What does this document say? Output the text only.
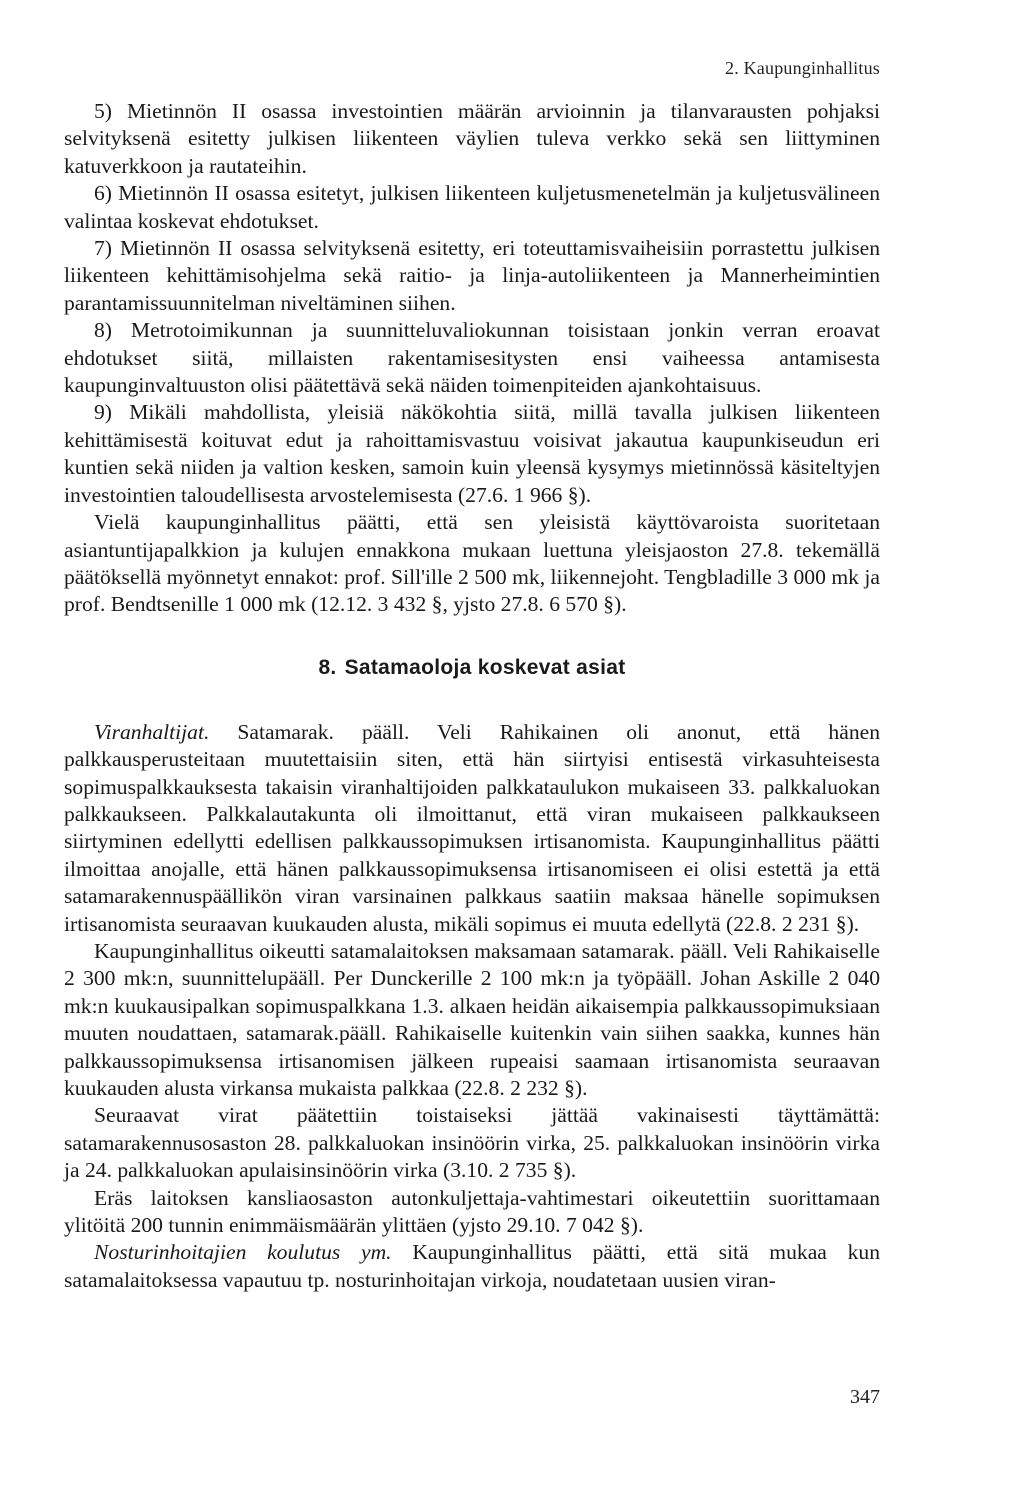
2. Kaupunginhallitus

5) Mietinnön II osassa investointien määrän arvioinnin ja tilanvarausten pohjaksi selvityksenä esitetty julkisen liikenteen väylien tuleva verkko sekä sen liittyminen katuverkkoon ja rautateihin.

6) Mietinnön II osassa esitetyt, julkisen liikenteen kuljetusmenetelmän ja kuljetusvälineen valintaa koskevat ehdotukset.

7) Mietinnön II osassa selvityksenä esitetty, eri toteuttamisvaiheisiin porrastettu julkisen liikenteen kehittämisohjelma sekä raitio- ja linja-autoliikenteen ja Mannerheimintien parantamissuunnitelman niveltäminen siihen.

8) Metrotoimikunnan ja suunnitteluvaliokunnan toisistaan jonkin verran eroavat ehdotukset siitä, millaisten rakentamisesitysten ensi vaiheessa antamisesta kaupunginvaltuuston olisi päätettävä sekä näiden toimenpiteiden ajankohtaisuus.

9) Mikäli mahdollista, yleisiä näkökohtia siitä, millä tavalla julkisen liikenteen kehittämisestä koituvat edut ja rahoittamisvastuu voisivat jakautua kaupunkiseudun eri kuntien sekä niiden ja valtion kesken, samoin kuin yleensä kysymys mietinnössä käsiteltyjen investointien taloudellisesta arvostelemisesta (27.6. 1 966 §).

Vielä kaupunginhallitus päätti, että sen yleisistä käyttövaroista suoritetaan asiantuntijapalkkion ja kulujen ennakkona mukaan luettuna yleisjaoston 27.8. tekemällä päätöksellä myönnetyt ennakot: prof. Sill'ille 2 500 mk, liikennejoht. Tengbladille 3 000 mk ja prof. Bendtsenille 1 000 mk (12.12. 3 432 §, yjsto 27.8. 6 570 §).

8. Satamaoloja koskevat asiat

Viranhaltijat. Satamarak. pääll. Veli Rahikainen oli anonut, että hänen palkkausperusteitaan muutettaisiin siten, että hän siirtyisi entisestä virkasuhteisesta sopimuspalkkauksesta takaisin viranhaltijoiden palkkataulukon mukaiseen 33. palkkaluokan palkkaukseen. Palkkalautakunta oli ilmoittanut, että viran mukaiseen palkkaukseen siirtyminen edellytti edellisen palkkaussopimuksen irtisanomista. Kaupunginhallitus päätti ilmoittaa anojalle, että hänen palkkaussopimuksensa irtisanomiseen ei olisi estettä ja että satamarakennuspäällikön viran varsinainen palkkaus saatiin maksaa hänelle sopimuksen irtisanomista seuraavan kuukauden alusta, mikäli sopimus ei muuta edellytä (22.8. 2 231 §).

Kaupunginhallitus oikeutti satamalaitoksen maksamaan satamarak. pääll. Veli Rahikaiselle 2 300 mk:n, suunnittelupääll. Per Dunckerille 2 100 mk:n ja työpääll. Johan Askille 2 040 mk:n kuukausipalkan sopimuspalkkana 1.3. alkaen heidän aikaisempia palkkaussopimuksiaan muuten noudattaen, satamarak.pääll. Rahikaiselle kuitenkin vain siihen saakka, kunnes hän palkkaussopimuksensa irtisanomisen jälkeen rupeaisi saamaan irtisanomista seuraavan kuukauden alusta virkansa mukaista palkkaa (22.8. 2 232 §).

Seuraavat virat päätettiin toistaiseksi jättää vakinaisesti täyttämättä: satamarakennusosaston 28. palkkaluokan insinöörin virka, 25. palkkaluokan insinöörin virka ja 24. palkkaluokan apulaisinsinöörin virka (3.10. 2 735 §).

Eräs laitoksen kansliaosaston autonkuljettaja-vahtimestari oikeutettiin suorittamaan ylitöitä 200 tunnin enimmäismäärän ylittäen (yjsto 29.10. 7 042 §).

Nosturinhoitajien koulutus ym. Kaupunginhallitus päätti, että sitä mukaa kun satamalaitoksessa vapautuu tp. nosturinhoitajan virkoja, noudatetaan uusien viran-

347
